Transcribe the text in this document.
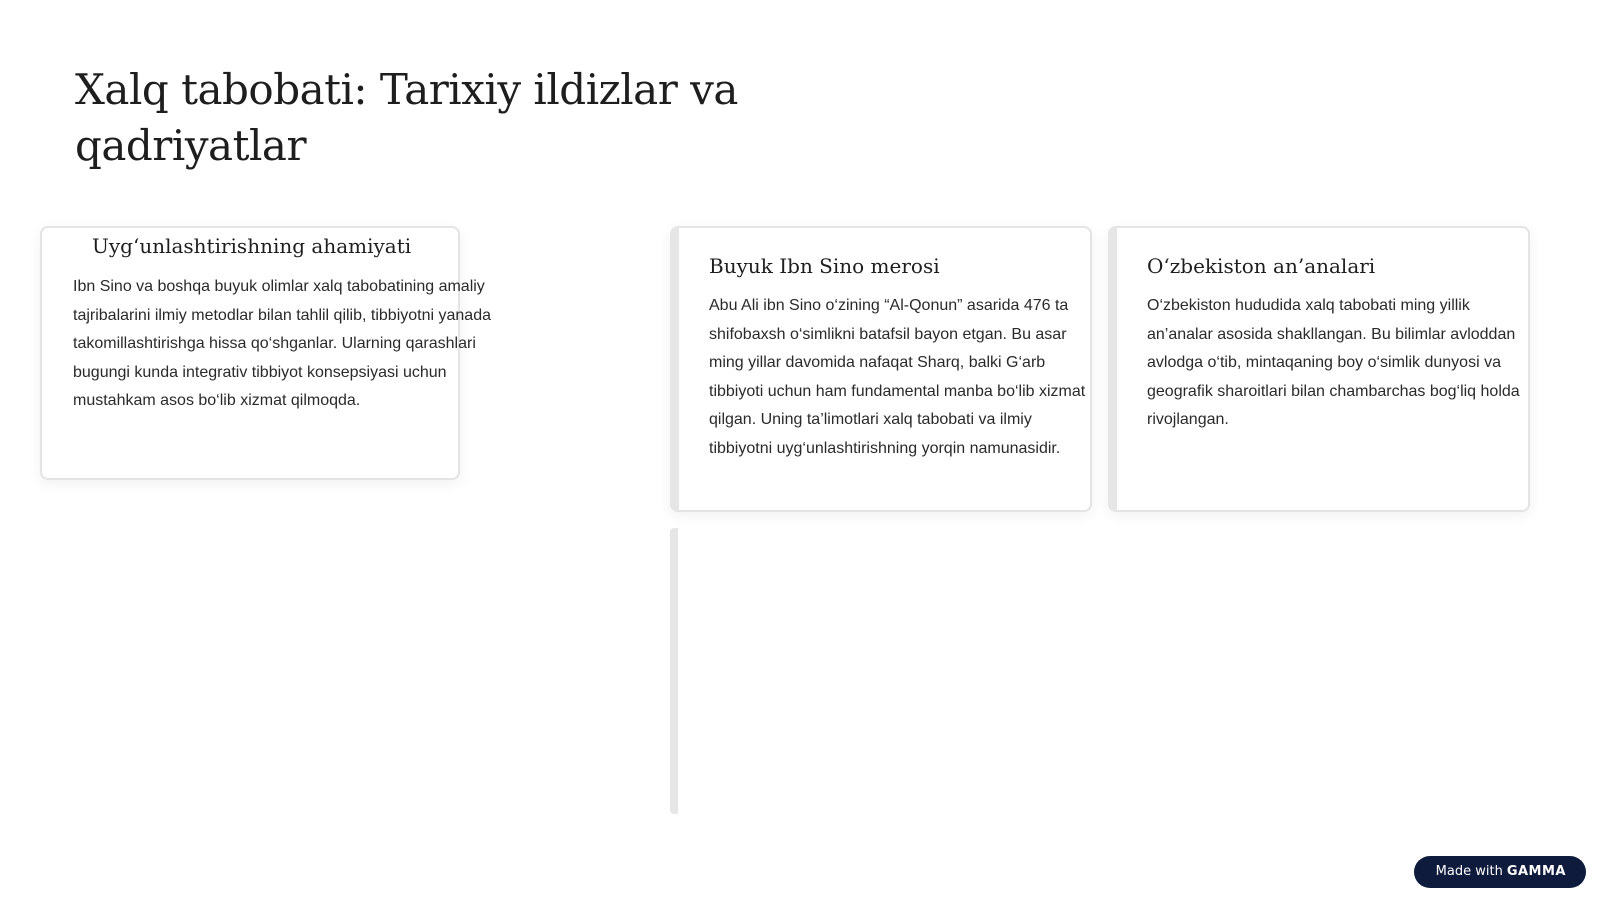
Xalq tabobati: Tarixiy ildizlar va qadriyatlar
Uyg‘unlashtirishning ahamiyati

Ibn Sino va boshqa buyuk olimlar xalq tabobatining amaliy tajribalarini ilmiy metodlar bilan tahlil qilib, tibbiyotni yanada takomillashtirishga hissa qo‘shganlar. Ularning qarashlari bugungi kunda integrativ tibbiyot konsepsiyasi uchun mustahkam asos bo‘lib xizmat qilmoqda.

Buyuk Ibn Sino merosi

Abu Ali ibn Sino o‘zining “Al-Qonun” asarida 476 ta shifobaxsh o‘simlikni batafsil bayon etgan. Bu asar ming yillar davomida nafaqat Sharq, balki G‘arb tibbiyoti uchun ham fundamental manba bo‘lib xizmat qilgan. Uning ta’limotlari xalq tabobati va ilmiy tibbiyotni uyg‘unlashtirishning yorqin namunasidir.

O‘zbekiston an’analari

O‘zbekiston hududida xalq tabobati ming yillik an’analar asosida shakllangan. Bu bilimlar avloddan avlodga o‘tib, mintaqaning boy o‘simlik dunyosi va geografik sharoitlari bilan chambarchas bog‘liq holda rivojlangan.

Made with GAMMA
